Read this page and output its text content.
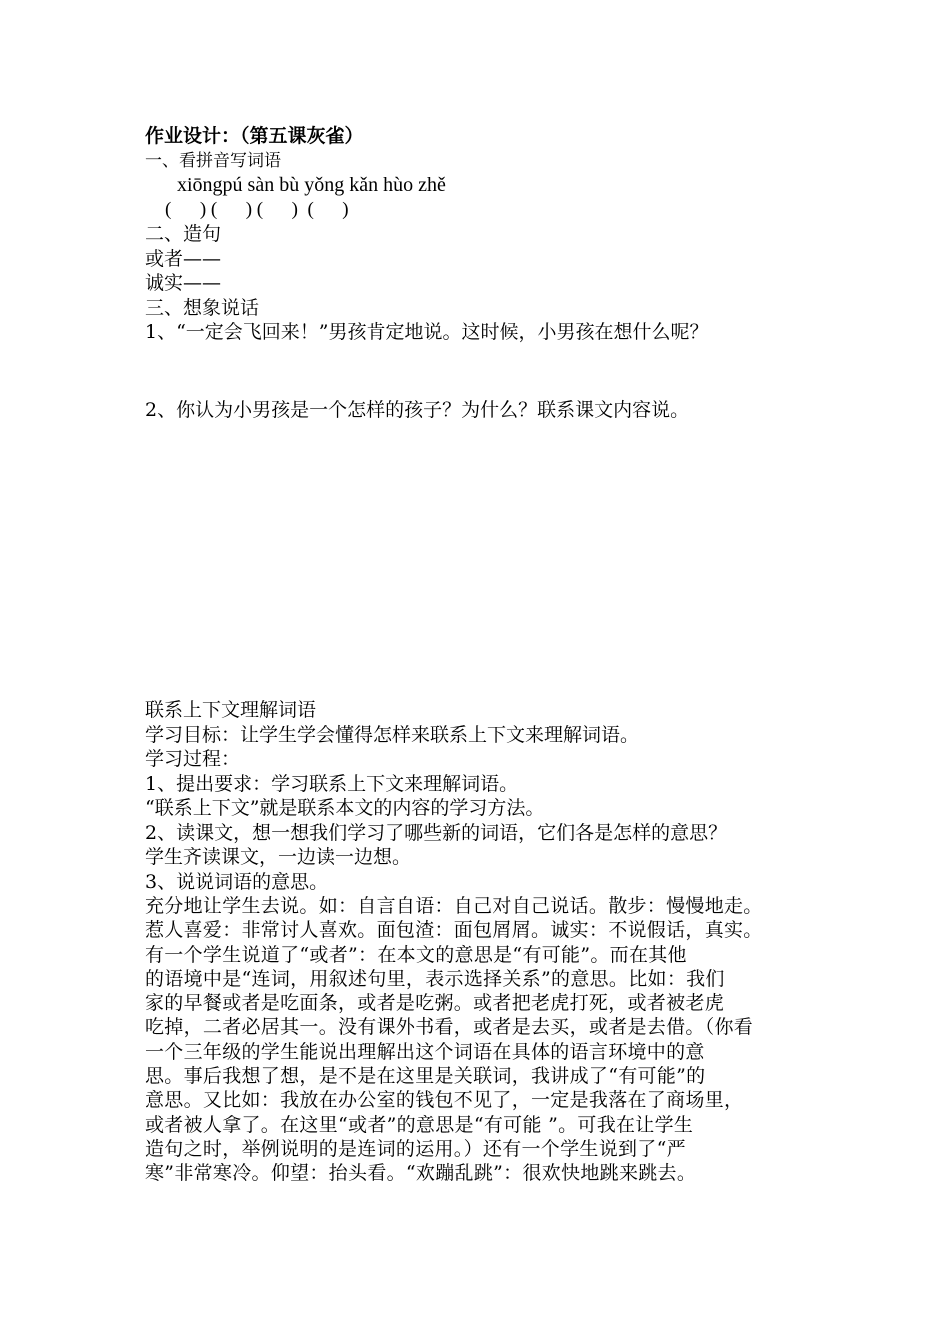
作业设计：（第五课灰雀）
一、看拼音写词语
xiōngpú sàn bù yǒng kǎn hùo zhě
(      ) (      ) (      )  (      )
二、造句
或者——
诚实——
三、想象说话
1、“一定会飞回来！”男孩肯定地说。这时候，小男孩在想什么呢？
2、你认为小男孩是一个怎样的孩子？为什么？联系课文内容说。
联系上下文理解词语
学习目标：让学生学会懂得怎样来联系上下文来理解词语。
学习过程：
1、提出要求：学习联系上下文来理解词语。
“联系上下文”就是联系本文的内容的学习方法。
2、读课文，想一想我们学习了哪些新的词语，它们各是怎样的意思？
学生齐读课文，一边读一边想。
3、说说词语的意思。
充分地让学生去说。如：自言自语：自己对自己说话。散步：慢慢地走。
惹人喜爱：非常讨人喜欢。面包渣：面包屑屑。诚实：不说假话，真实。
有一个学生说道了“或者”：在本文的意思是“有可能”。而在其他
的语境中是“连词，用叙述句里，表示选择关系”的意思。比如：我们
家的早餐或者是吃面条，或者是吃粥。或者把老虎打死，或者被老虎
吃掉，二者必居其一。没有课外书看，或者是去买，或者是去借。（你看
一个三年级的学生能说出理解出这个词语在具体的语言环境中的意
思。事后我想了想，是不是在这里是关联词，我讲成了“有可能”的
意思。又比如：我放在办公室的钱包不见了，一定是我落在了商场里，
或者被人拿了。在这里“或者”的意思是“有可能 ”。可我在让学生
造句之时，举例说明的是连词的运用。）还有一个学生说到了“严
寒”非常寒冷。仰望：抬头看。“欢蹦乱跳”：很欢快地跳来跳去。
